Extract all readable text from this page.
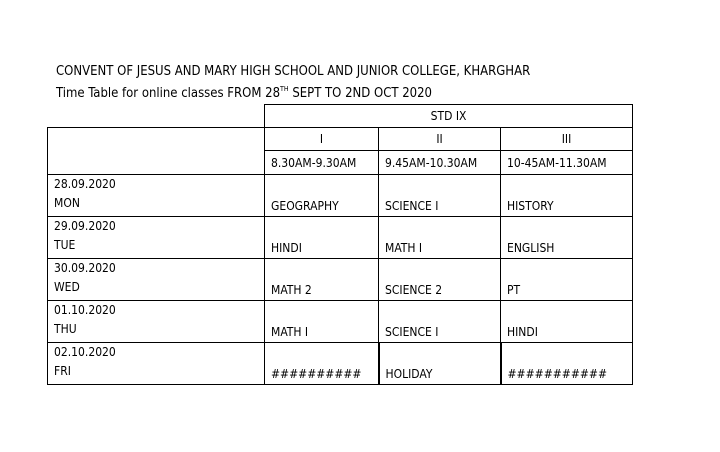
CONVENT OF JESUS AND MARY HIGH SCHOOL AND JUNIOR COLLEGE, KHARGHAR
Time Table for online classes FROM 28TH SEPT TO 2ND OCT 2020
	STD IX		
	I	II	III
	8.30AM-9.30AM	9.45AM-10.30AM	10-45AM-11.30AM

28.09.2020
MON	GEOGRAPHY	SCIENCE I	HISTORY

29.09.2020
TUE	HINDI	MATH I	ENGLISH

30.09.2020
WED	MATH 2	SCIENCE 2	PT

01.10.2020
THU	MATH I	SCIENCE I	HINDI

02.10.2020
FRI	##########	HOLIDAY	###########
